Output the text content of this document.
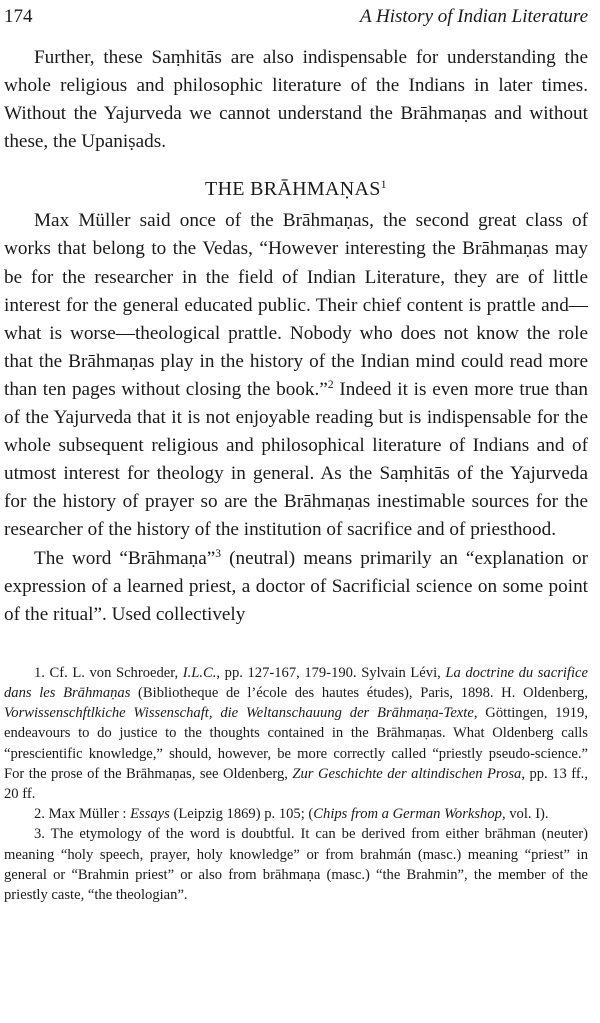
174	A History of Indian Literature

Further, these Saṃhitās are also indispensable for understanding the whole religious and philosophic literature of the Indians in later times. Without the Yajurveda we cannot understand the Brāhmaṇas and without these, the Upaniṣads.

THE BRĀHMAṆAS$^1$

Max Müller said once of the Brāhmaṇas, the second great class of works that belong to the Vedas, “However interesting the Brāhmaṇas may be for the researcher in the field of Indian Literature, they are of little interest for the general educated public. Their chief content is prattle and—what is worse—theological prattle. Nobody who does not know the role that the Brāhmaṇas play in the history of the Indian mind could read more than ten pages without closing the book.”$^2$ Indeed it is even more true than of the Yajurveda that it is not enjoyable reading but is indispensable for the whole subsequent religious and philosophical literature of Indians and of utmost interest for theology in general. As the Saṃhitās of the Yajurveda for the history of prayer so are the Brāhmaṇas inestimable sources for the researcher of the history of the institution of sacrifice and of priesthood.

The word “Brāhmaṇa”$^3$ (neutral) means primarily an “explanation or expression of a learned priest, a doctor of Sacrificial science on some point of the ritual”. Used collectively

1. Cf. L. von Schroeder, I.L.C., pp. 127-167, 179-190. Sylvain Lévi, La doctrine du sacrifice dans les Brāhmaṇas (Bibliotheque de l’école des hautes études), Paris, 1898. H. Oldenberg, Vorwissenschftlkiche Wissenschaft, die Weltanschauung der Brāhmaṇa-Texte, Göttingen, 1919, endeavours to do justice to the thoughts contained in the Brāhmaṇas. What Oldenberg calls “prescientific knowledge,” should, however, be more correctly called “priestly pseudo-science.” For the prose of the Brāhmaṇas, see Oldenberg, Zur Geschichte der altindischen Prosa, pp. 13 ff., 20 ff.

2. Max Müller : Essays (Leipzig 1869) p. 105; (Chips from a German Workshop, vol. I).

3. The etymology of the word is doubtful. It can be derived from either brāhman (neuter) meaning “holy speech, prayer, holy knowledge” or from brahmán (masc.) meaning “priest” in general or “Brahmin priest” or also from brāhmaṇa (masc.) “the Brahmin”, the member of the priestly caste, “the theologian”.
